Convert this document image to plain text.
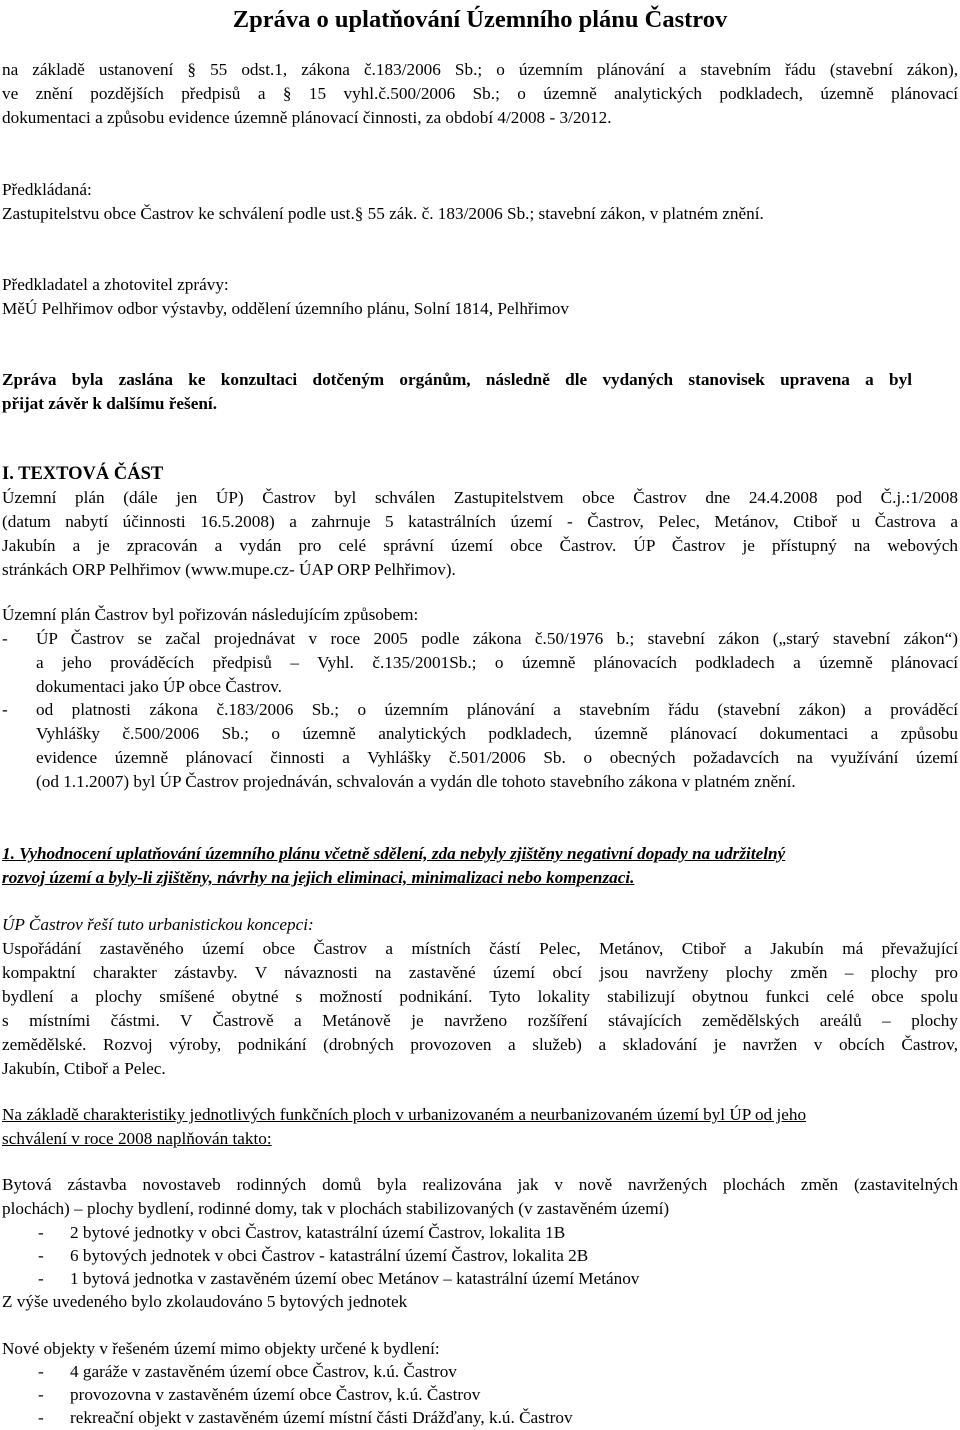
Zpráva o uplatňování Územního plánu Častrov
na základě ustanovení § 55 odst.1, zákona č.183/2006 Sb.; o územním plánování a stavebním řádu (stavební zákon),
ve znění pozdějších předpisů a § 15 vyhl.č.500/2006 Sb.; o územně analytických podkladech, územně plánovací
dokumentaci a způsobu evidence územně plánovací činnosti, za období 4/2008 - 3/2012.
Předkládaná:
Zastupitelstvu obce Častrov ke schválení podle ust.§ 55 zák. č. 183/2006 Sb.; stavební zákon, v platném znění.
Předkladatel a zhotovitel zprávy:
MěÚ Pelhřimov odbor výstavby, oddělení územního plánu, Solní 1814, Pelhřimov
Zpráva byla zaslána ke konzultaci dotčeným orgánům, následně dle vydaných stanovisek upravena a byl
přijat závěr k dalšímu řešení.
I. TEXTOVÁ ČÁST
Územní plán (dále jen ÚP) Častrov byl schválen Zastupitelstvem obce Častrov dne 24.4.2008 pod Č.j.:1/2008
(datum nabytí účinnosti 16.5.2008) a zahrnuje 5 katastrálních území - Častrov, Pelec, Metánov, Ctiboř u Častrova a
Jakubín a je zpracován a vydán pro celé správní území obce Častrov. ÚP Častrov je přístupný na webových
stránkách ORP Pelhřimov (www.mupe.cz- ÚAP ORP Pelhřimov).
Územní plán Častrov byl pořizován následujícím způsobem:
- ÚP Častrov se začal projednávat v roce 2005 podle zákona č.50/1976 b.; stavební zákon („starý stavební zákon“)
a jeho prováděcích předpisů – Vyhl. č.135/2001Sb.; o územně plánovacích podkladech a územně plánovací
dokumentaci jako ÚP obce Častrov.
- od platnosti zákona č.183/2006 Sb.; o územním plánování a stavebním řádu (stavební zákon) a prováděcí
Vyhlášky č.500/2006 Sb.; o územně analytických podkladech, územně plánovací dokumentaci a způsobu
evidence územně plánovací činnosti a Vyhlášky č.501/2006 Sb. o obecných požadavcích na využívání území
(od 1.1.2007) byl ÚP Častrov projednáván, schvalován a vydán dle tohoto stavebního zákona v platném znění.
1. Vyhodnocení uplatňování územního plánu včetně sdělení, zda nebyly zjištěny negativní dopady na udržitelný
rozvoj území a byly-li zjištěny, návrhy na jejich eliminaci, minimalizaci nebo kompenzaci.
ÚP Častrov řeší tuto urbanistickou koncepci:
Uspořádání zastavěného území obce Častrov a místních částí Pelec, Metánov, Ctiboř a Jakubín má převažující
kompaktní charakter zástavby. V návaznosti na zastavěné území obcí jsou navrženy plochy změn – plochy pro
bydlení a plochy smíšené obytné s možností podnikání. Tyto lokality stabilizují obytnou funkci celé obce spolu
s místními částmi. V Častrově a Metánově je navrženo rozšíření stávajících zemědělských areálů – plochy
zemědělské. Rozvoj výroby, podnikání (drobných provozoven a služeb) a skladování je navržen v obcích Častrov,
Jakubín, Ctiboř a Pelec.
Na základě charakteristiky jednotlivých funkčních ploch v urbanizovaném a neurbanizovaném území byl ÚP od jeho
schválení v roce 2008 naplňován takto:
Bytová zástavba novostaveb rodinných domů byla realizována jak v nově navržených plochách změn (zastavitelných
plochách) – plochy bydlení, rodinné domy, tak v plochách stabilizovaných (v zastavěném území)
- 2 bytové jednotky v obci Častrov, katastrální území Častrov, lokalita 1B
- 6 bytových jednotek v obci Častrov - katastrální území Častrov, lokalita 2B
- 1 bytová jednotka v zastavěném území obec Metánov – katastrální území Metánov
Z výše uvedeného bylo zkolaudováno 5 bytových jednotek
Nové objekty v řešeném území mimo objekty určené k bydlení:
- 4 garáže v zastavěném území obce Častrov, k.ú. Častrov
- provozovna v zastavěném území obce Častrov, k.ú. Častrov
- rekreační objekt v zastavěném území místní části Drážďany, k.ú. Častrov
